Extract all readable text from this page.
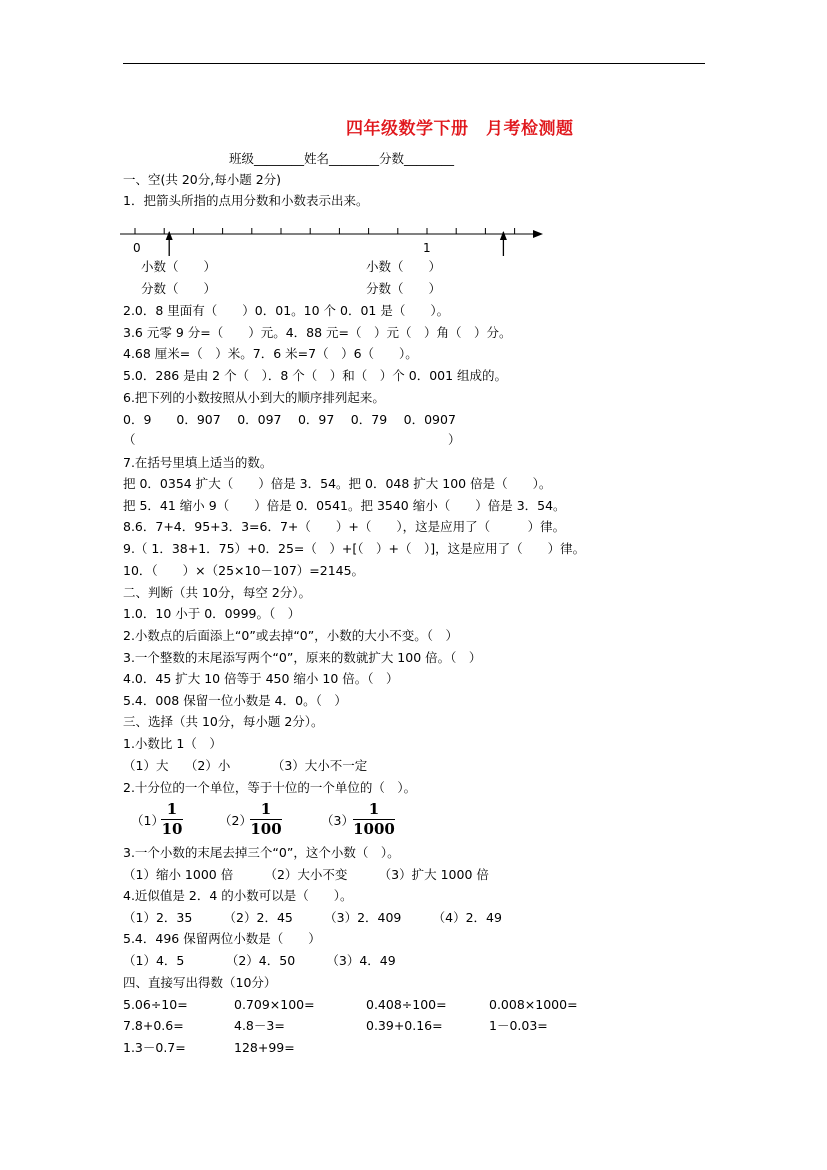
四年级数学下册　月考检测题
班级________姓名________分数________
一、空(共 20分,每小题 2分)
1．把箭头所指的点用分数和小数表示出来。
0	1
小数（　　）
分数（　　）
小数（　　）
分数（　　）
2.0．8 里面有（　　）0．01。10 个 0．01 是（　　）。
3.6 元零 9 分=（　　）元。4．88 元=（　）元（　）角（　）分。
4.68 厘米=（　）米。7．6 米=7（　）6（　　）。
5.0．286 是由 2 个（　）．8 个（　）和（　）个 0．001 组成的。
6.把下列的小数按照从小到大的顺序排列起来。
0．9　　0．907　 0．097　 0．97　 0．79　 0．0907
（　　　　　　　　　　　　　　　　　　　　　　　　　）
7.在括号里填上适当的数。
把 0．0354 扩大（　　）倍是 3．54。把 0．048 扩大 100 倍是（　　）。
把 5．41 缩小 9（　　）倍是 0．0541。把 3540 缩小（　　）倍是 3．54。
8.6．7+4．95+3．3=6．7+（　　）+（　　），这是应用了（　　　）律。
9.（ 1．38+1．75）+0．25=（　）+[（　）+（　）]，这是应用了（　　）律。
10．（　　）×（25×10－107）=2145。
二、判断（共 10分，每空 2分）。
1.0．10 小于 0．0999。（　）
2.小数点的后面添上“0”或去掉“0”，小数的大小不变。（　）
3.一个整数的末尾添写两个“0”，原来的数就扩大 100 倍。（　）
4.0．45 扩大 10 倍等于 450 缩小 10 倍。（　）
5.4．008 保留一位小数是 4．0。（　）
三、选择（共 10分，每小题 2分）。
1.小数比 1（　）
（1）大　 （2）小　　　 （3）大小不一定
2.十分位的一个单位，等于十位的一个单位的（　）。
（1）
1
10	（2）
1
100	（3）
1
1000
3.一个小数的末尾去掉三个“0”，这个小数（　）。
（1）缩小 1000 倍　　　（2）大小不变　　　（3）扩大 1000 倍
4.近似值是 2．4 的小数可以是（　　）。
（1）2．35　　　（2）2．45　　　（3）2．409　　　（4）2．49
5.4．496 保留两位小数是（　　）
（1）4．5　　　 （2）4．50　　　（3）4．49
四、直接写出得数（10分）
5.06÷10=	0.709×100=	0.408÷100=	0.008×1000=
7.8+0.6=	4.8－3=	0.39+0.16=	1－0.03=
1.3－0.7=	128+99=
